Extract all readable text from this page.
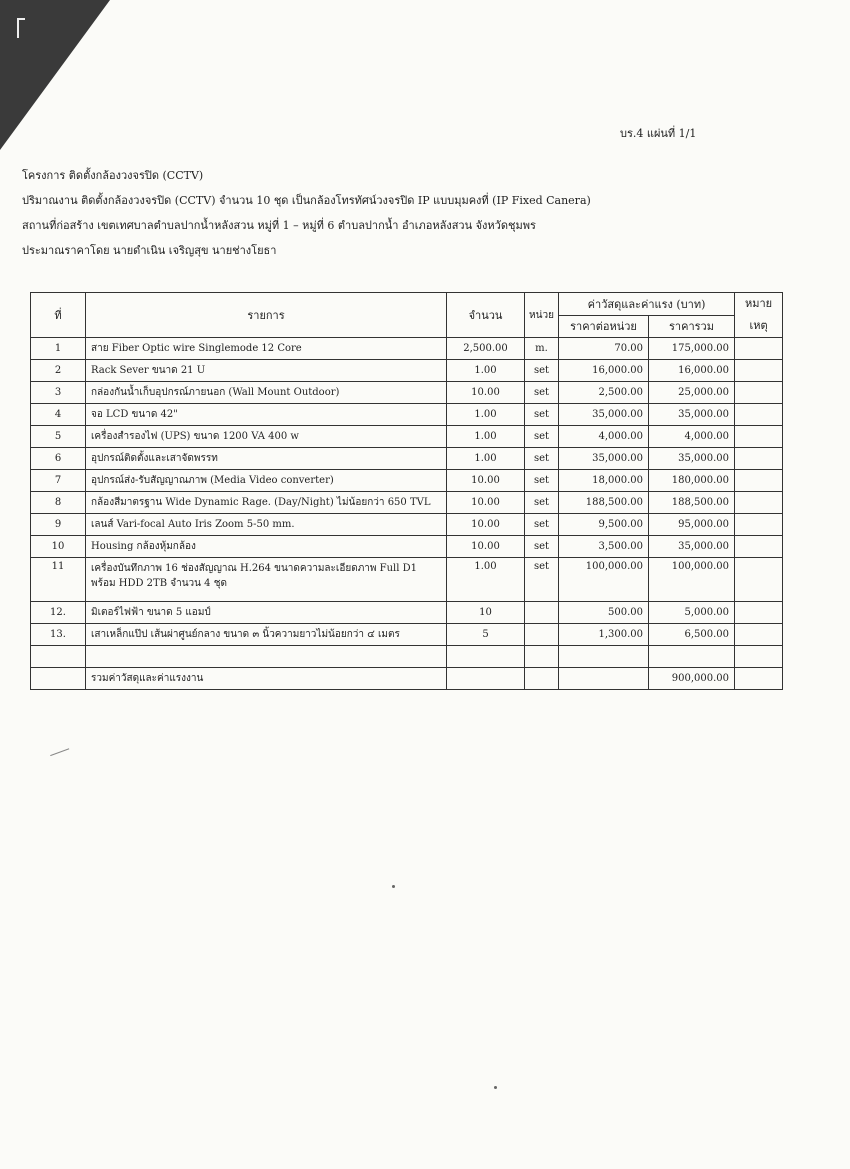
บร.4 แผ่นที่ 1/1
โครงการ ติดตั้งกล้องวงจรปิด (CCTV)
ปริมาณงาน ติดตั้งกล้องวงจรปิด (CCTV) จำนวน 10 ชุด เป็นกล้องโทรทัศน์วงจรปิด IP แบบมุมคงที่ (IP Fixed Canera)
สถานที่ก่อสร้าง เขตเทศบาลตำบลปากน้ำหลังสวน หมู่ที่ 1 – หมู่ที่ 6 ตำบลปากน้ำ อำเภอหลังสวน จังหวัดชุมพร
ประมาณราคาโดย นายดำเนิน เจริญสุข นายช่างโยธา
ที่	รายการ	จำนวน	หน่วย	ค่าวัสดุและค่าแรง (บาท)		หมาย เหตุ
				ราคาต่อหน่วย	ราคารวม	
1	สาย Fiber Optic wire Singlemode 12 Core	2,500.00	m.	70.00	175,000.00	
2	Rack Sever ขนาด 21 U	1.00	set	16,000.00	16,000.00	
3	กล่องกันน้ำเก็บอุปกรณ์ภายนอก (Wall Mount Outdoor)	10.00	set	2,500.00	25,000.00	
4	จอ LCD ขนาด 42"	1.00	set	35,000.00	35,000.00	
5	เครื่องสำรองไฟ (UPS) ขนาด 1200 VA 400 w	1.00	set	4,000.00	4,000.00	
6	อุปกรณ์ติดตั้งและเสาจัดพรรท	1.00	set	35,000.00	35,000.00	
7	อุปกรณ์ส่ง-รับสัญญาณภาพ (Media Video converter)	10.00	set	18,000.00	180,000.00	
8	กล้องสีมาตรฐาน Wide Dynamic Rage. (Day/Night) ไม่น้อยกว่า 650 TVL	10.00	set	188,500.00	188,500.00	
9	เลนส์ Vari-focal Auto Iris Zoom 5-50 mm.	10.00	set	9,500.00	95,000.00	
10	Housing กล้องหุ้มกล้อง	10.00	set	3,500.00	35,000.00	
11	เครื่องบันทึกภาพ 16 ช่องสัญญาณ H.264 ขนาดความละเอียดภาพ Full D1 พร้อม HDD 2TB จำนวน 4 ชุด	1.00	set	100,000.00	100,000.00	
12.	มิเตอร์ไฟฟ้า ขนาด 5 แอมป์	10		500.00	5,000.00	
13.	เสาเหล็กแป๊ป เส้นผ่าศูนย์กลาง ขนาด ๓ นิ้วความยาวไม่น้อยกว่า ๔ เมตร	5		1,300.00	6,500.00	

	รวมค่าวัสดุและค่าแรงงาน				900,000.00	
